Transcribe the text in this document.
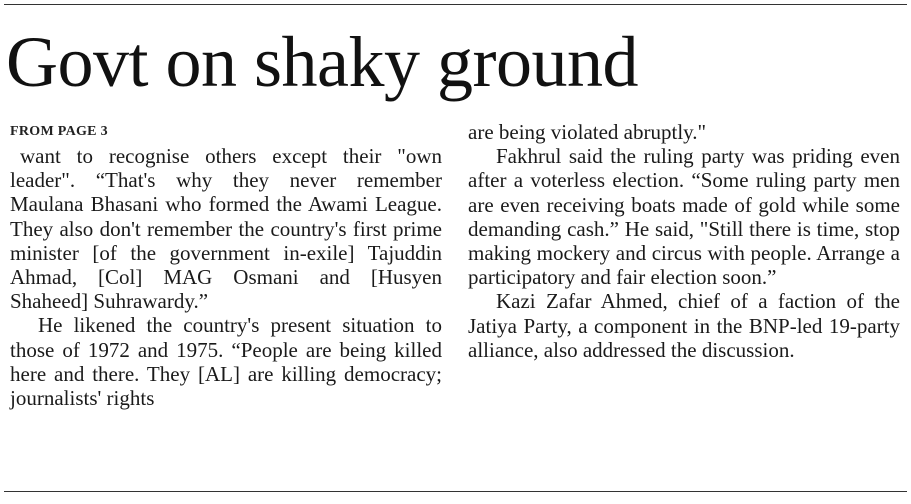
Govt on shaky ground
FROM PAGE 3

want to recognise others except their "own leader". “That's why they never remember Maulana Bhasani who formed the Awami League. They also don't remember the country's first prime minister [of the government in-exile] Tajuddin Ahmad, [Col] MAG Osmani and [Husyen Shaheed] Suhrawardy.”

He likened the country's present situation to those of 1972 and 1975. “People are being killed here and there. They [AL] are killing democracy; journalists' rights

are being violated abruptly."

Fakhrul said the ruling party was priding even after a voterless election. “Some ruling party men are even receiving boats made of gold while some demanding cash.” He said, "Still there is time, stop making mockery and circus with people. Arrange a participatory and fair election soon.”

Kazi Zafar Ahmed, chief of a faction of the Jatiya Party, a component in the BNP-led 19-party alliance, also addressed the discussion.
